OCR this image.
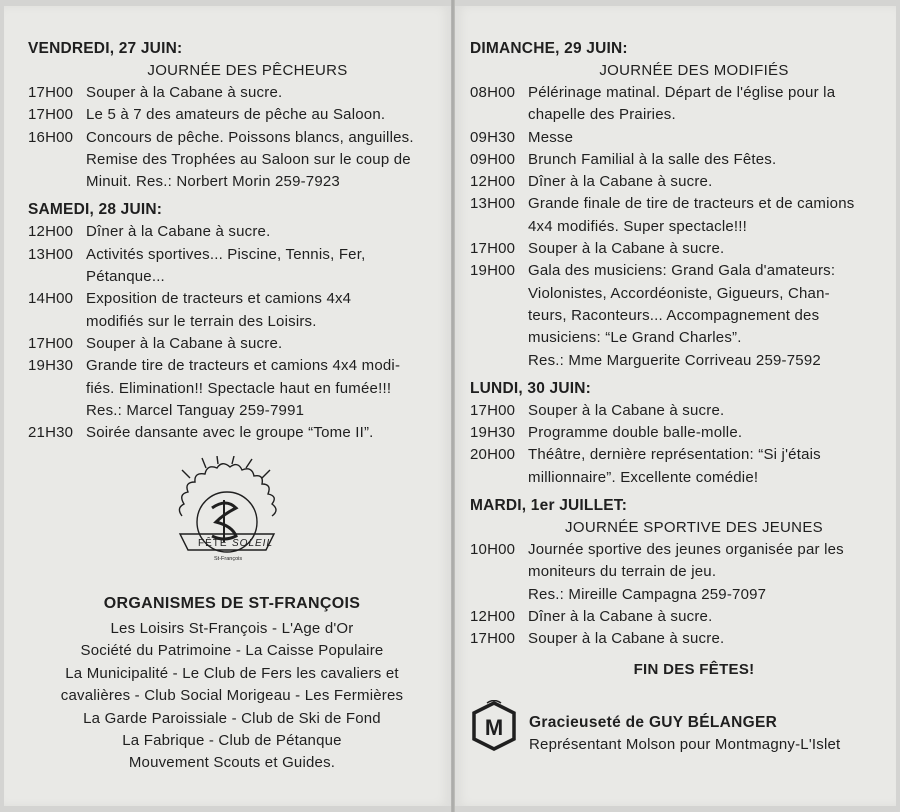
VENDREDI, 27 JUIN:
JOURNÉE DES PÊCHEURS
17H00 Souper à la Cabane à sucre.
17H00 Le 5 à 7 des amateurs de pêche au Saloon.
16H00 Concours de pêche. Poissons blancs, anguilles.
Remise des Trophées au Saloon sur le coup de
Minuit. Res.: Norbert Morin 259-7923
SAMEDI, 28 JUIN:
12H00 Dîner à la Cabane à sucre.
13H00 Activités sportives... Piscine, Tennis, Fer,
Pétanque...
14H00 Exposition de tracteurs et camions 4x4
modifiés sur le terrain des Loisirs.
17H00 Souper à la Cabane à sucre.
19H30 Grande tire de tracteurs et camions 4x4 modi-
fiés. Elimination!! Spectacle haut en fumée!!!
Res.: Marcel Tanguay 259-7991
21H30 Soirée dansante avec le groupe “Tome II”.
FÊTE SOLEIL
St-François
ORGANISMES DE ST-FRANÇOIS
Les Loisirs St-François - L'Age d'Or
Société du Patrimoine - La Caisse Populaire
La Municipalité - Le Club de Fers les cavaliers et
cavalières - Club Social Morigeau - Les Fermières
La Garde Paroissiale - Club de Ski de Fond
La Fabrique - Club de Pétanque
Mouvement Scouts et Guides.
DIMANCHE, 29 JUIN:
JOURNÉE DES MODIFIÉS
08H00 Pélérinage matinal. Départ de l'église pour la
chapelle des Prairies.
09H30 Messe
09H00 Brunch Familial à la salle des Fêtes.
12H00 Dîner à la Cabane à sucre.
13H00 Grande finale de tire de tracteurs et de camions
4x4 modifiés. Super spectacle!!!
17H00 Souper à la Cabane à sucre.
19H00 Gala des musiciens: Grand Gala d'amateurs:
Violonistes, Accordéoniste, Gigueurs, Chan-
teurs, Raconteurs... Accompagnement des
musiciens: “Le Grand Charles”.
Res.: Mme Marguerite Corriveau 259-7592
LUNDI, 30 JUIN:
17H00 Souper à la Cabane à sucre.
19H30 Programme double balle-molle.
20H00 Théâtre, dernière représentation: “Si j'étais
millionnaire”. Excellente comédie!
MARDI, 1er JUILLET:
JOURNÉE SPORTIVE DES JEUNES
10H00 Journée sportive des jeunes organisée par les
moniteurs du terrain de jeu.
Res.: Mireille Campagna 259-7097
12H00 Dîner à la Cabane à sucre.
17H00 Souper à la Cabane à sucre.
FIN DES FÊTES!
M Gracieuseté de GUY BÉLANGER
Représentant Molson pour Montmagny-L'Islet
